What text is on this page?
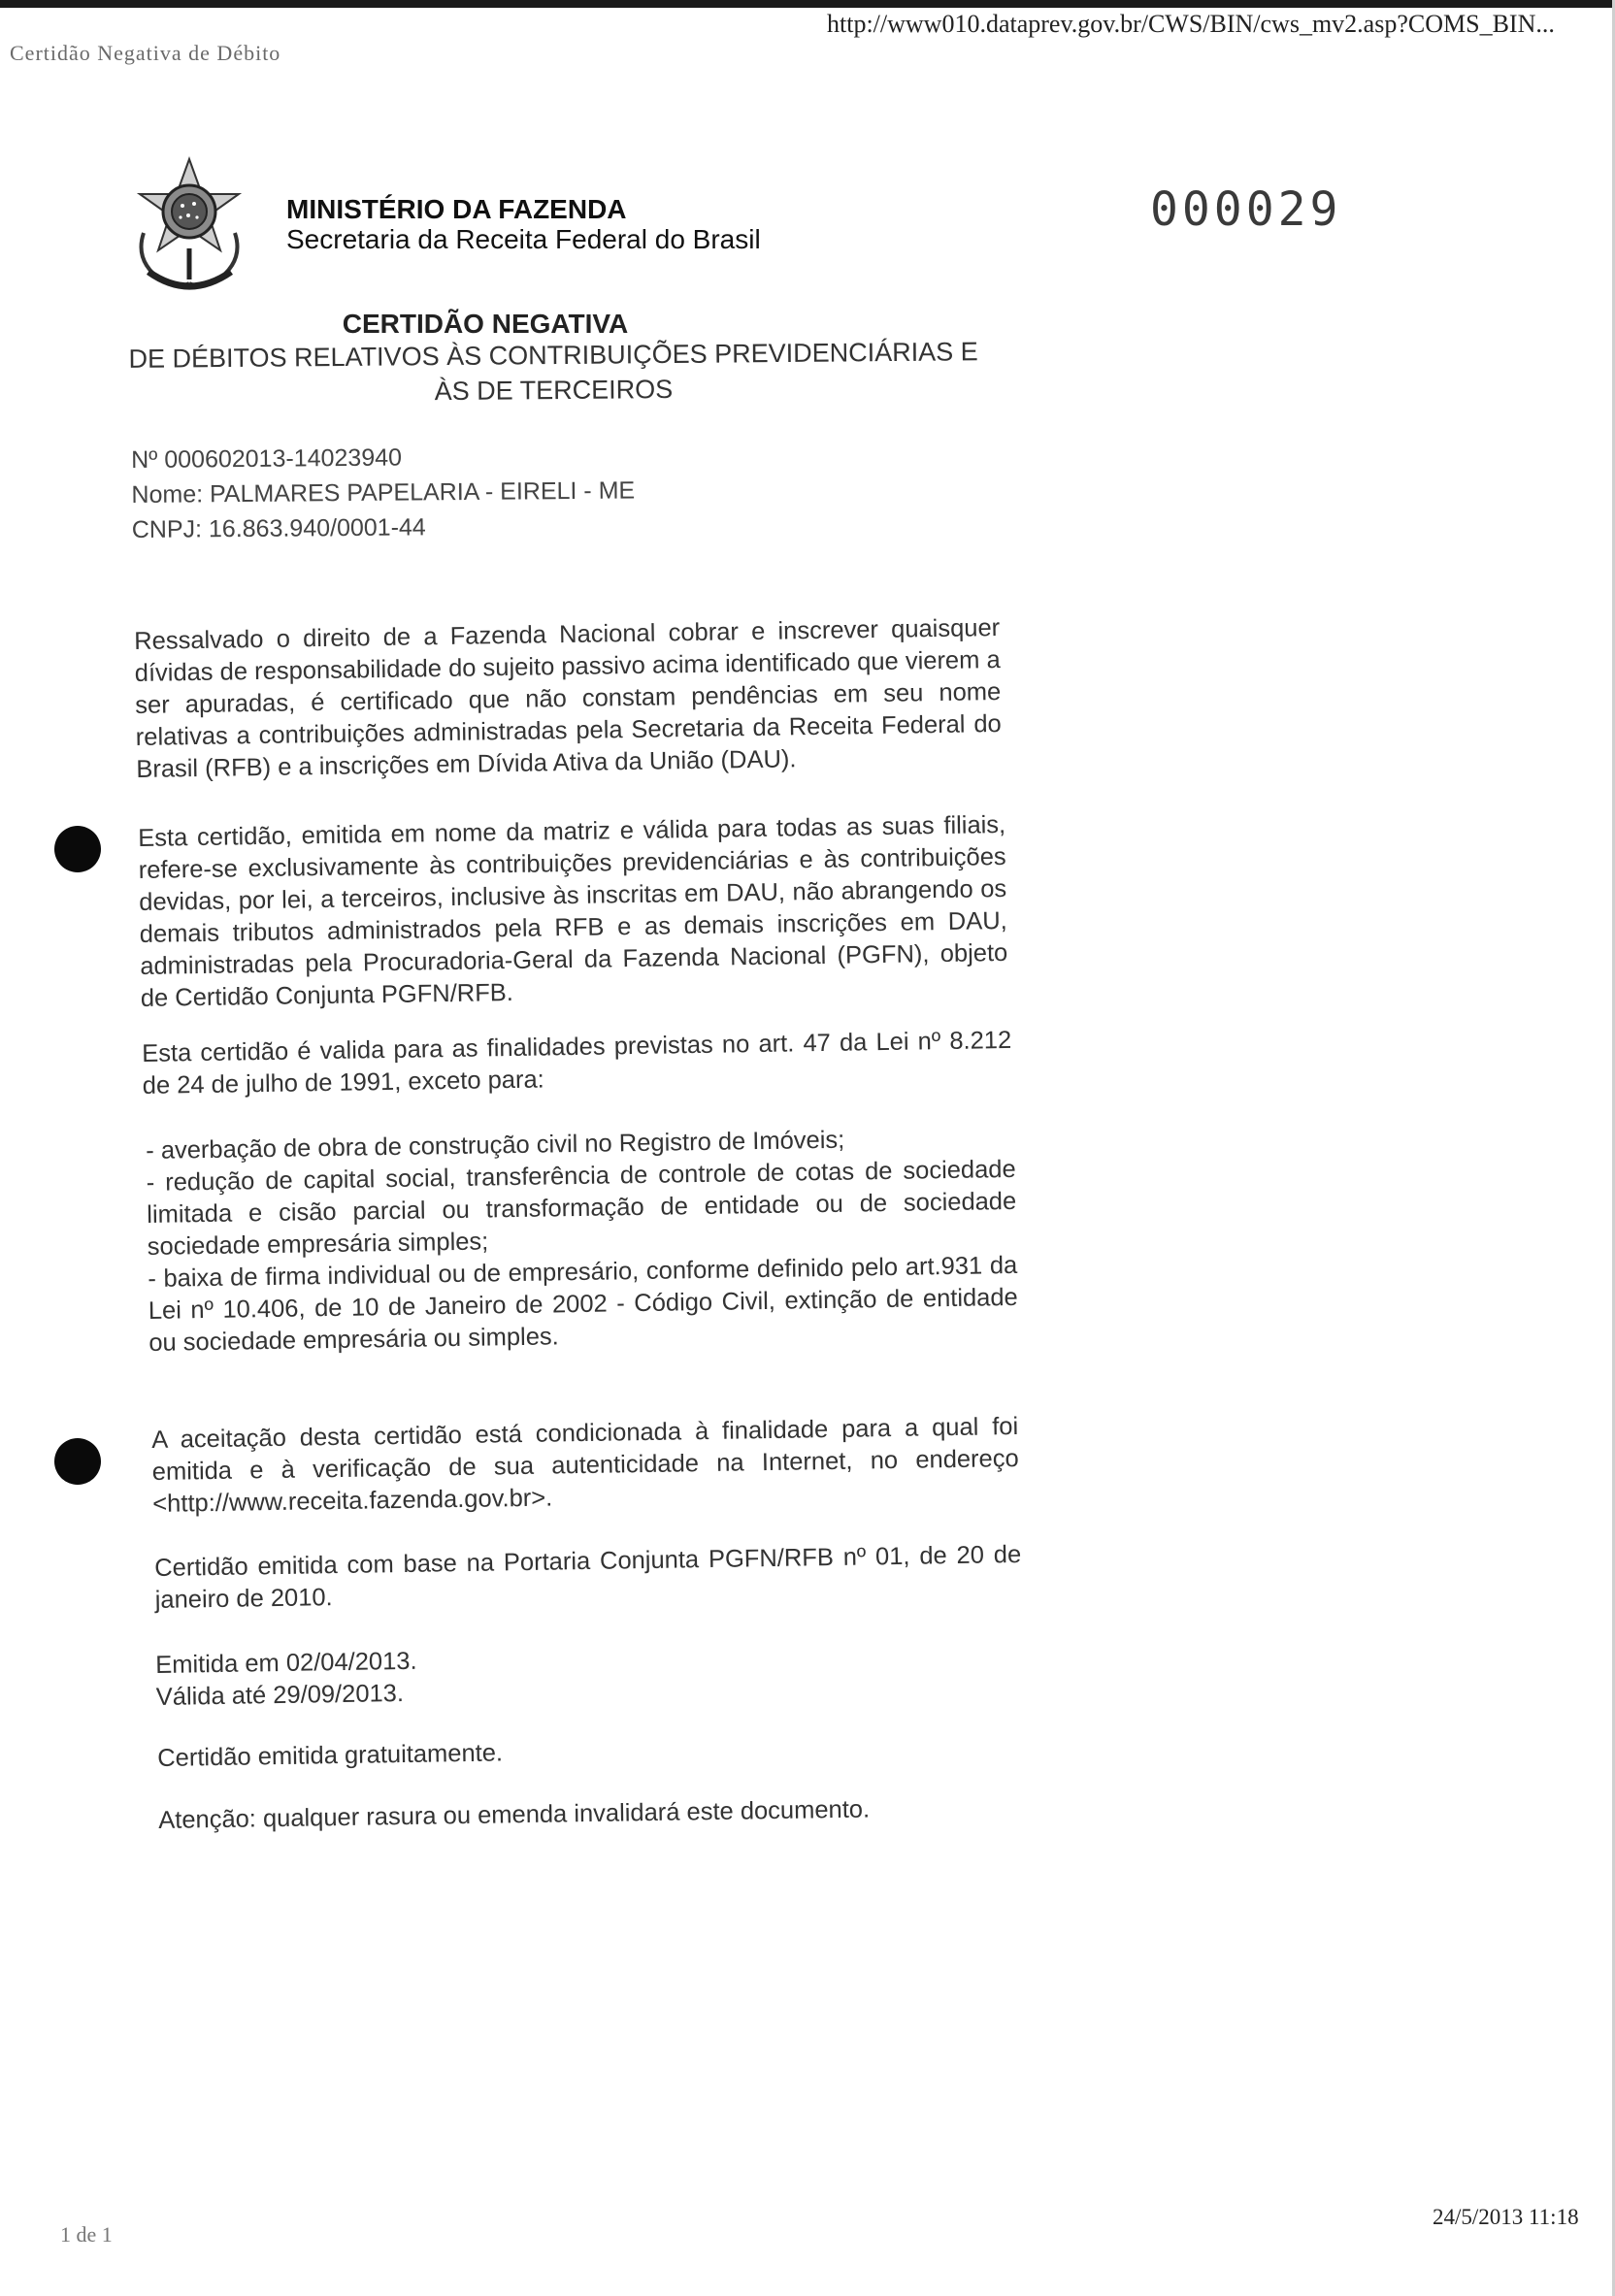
Certidão Negativa de Débito
http://www010.dataprev.gov.br/CWS/BIN/cws_mv2.asp?COMS_BIN...
MINISTÉRIO DA FAZENDA
Secretaria da Receita Federal do Brasil
000029
CERTIDÃO NEGATIVA
DE DÉBITOS RELATIVOS ÀS CONTRIBUIÇÕES PREVIDENCIÁRIAS E
ÀS DE TERCEIROS
Nº 000602013-14023940
Nome: PALMARES PAPELARIA - EIRELI - ME
CNPJ: 16.863.940/0001-44
Ressalvado o direito de a Fazenda Nacional cobrar e inscrever quaisquer dívidas de responsabilidade do sujeito passivo acima identificado que vierem a ser apuradas, é certificado que não constam pendências em seu nome relativas a contribuições administradas pela Secretaria da Receita Federal do Brasil (RFB) e a inscrições em Dívida Ativa da União (DAU).
Esta certidão, emitida em nome da matriz e válida para todas as suas filiais, refere-se exclusivamente às contribuições previdenciárias e às contribuições devidas, por lei, a terceiros, inclusive às inscritas em DAU, não abrangendo os demais tributos administrados pela RFB e as demais inscrições em DAU, administradas pela Procuradoria-Geral da Fazenda Nacional (PGFN), objeto de Certidão Conjunta PGFN/RFB.
Esta certidão é valida para as finalidades previstas no art. 47 da Lei nº 8.212 de 24 de julho de 1991, exceto para:
- averbação de obra de construção civil no Registro de Imóveis;
- redução de capital social, transferência de controle de cotas de sociedade limitada e cisão parcial ou transformação de entidade ou de sociedade sociedade empresária simples;
- baixa de firma individual ou de empresário, conforme definido pelo art.931 da Lei nº 10.406, de 10 de Janeiro de 2002 - Código Civil, extinção de entidade ou sociedade empresária ou simples.
A aceitação desta certidão está condicionada à finalidade para a qual foi emitida e à verificação de sua autenticidade na Internet, no endereço <http://www.receita.fazenda.gov.br>.
Certidão emitida com base na Portaria Conjunta PGFN/RFB nº 01, de 20 de janeiro de 2010.
Emitida em 02/04/2013.
Válida até 29/09/2013.
Certidão emitida gratuitamente.
Atenção: qualquer rasura ou emenda invalidará este documento.
1 de 1
24/5/2013 11:18
